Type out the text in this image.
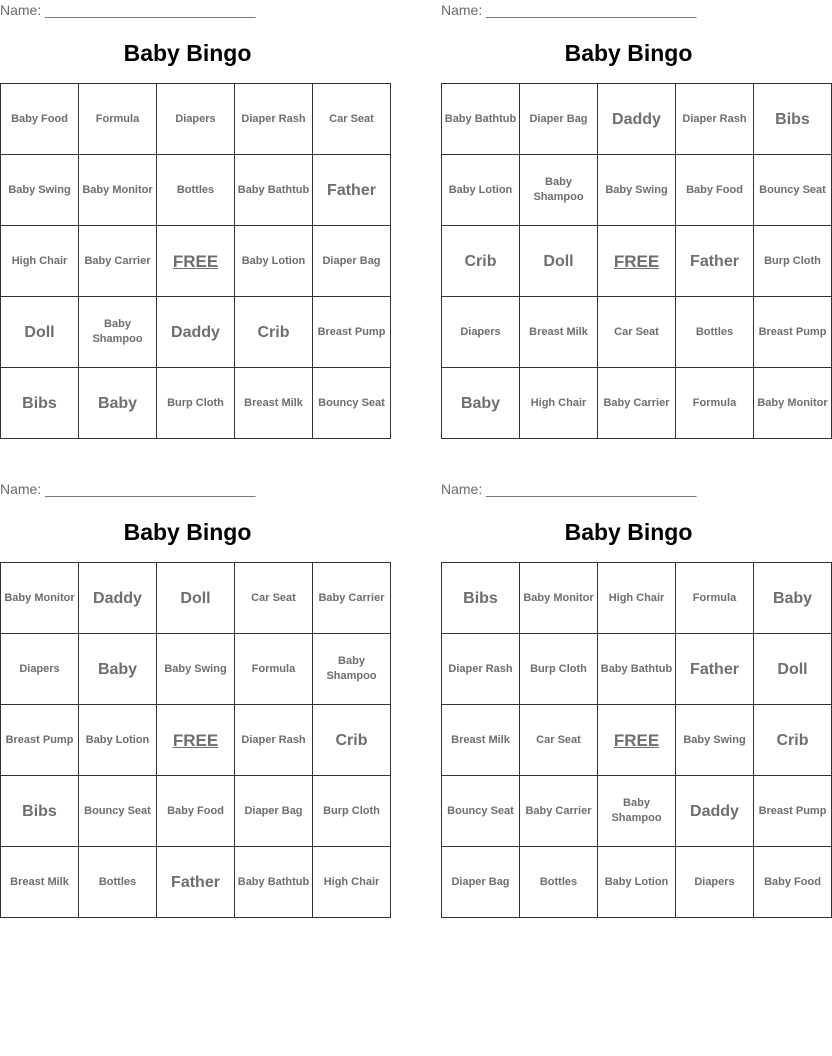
Name: ___________________________
Baby Bingo
Baby Food	Formula	Diapers	Diaper Rash	Car Seat
Baby Swing	Baby Monitor	Bottles	Baby Bathtub	Father
High Chair	Baby Carrier	FREE	Baby Lotion	Diaper Bag
Doll	Baby Shampoo	Daddy	Crib	Breast Pump
Bibs	Baby	Burp Cloth	Breast Milk	Bouncy Seat
Name: ___________________________
Baby Bingo
Baby Bathtub	Diaper Bag	Daddy	Diaper Rash	Bibs
Baby Lotion	Baby Shampoo	Baby Swing	Baby Food	Bouncy Seat
Crib	Doll	FREE	Father	Burp Cloth
Diapers	Breast Milk	Car Seat	Bottles	Breast Pump
Baby	High Chair	Baby Carrier	Formula	Baby Monitor
Name: ___________________________
Baby Bingo
Baby Monitor	Daddy	Doll	Car Seat	Baby Carrier
Diapers	Baby	Baby Swing	Formula	Baby Shampoo
Breast Pump	Baby Lotion	FREE	Diaper Rash	Crib
Bibs	Bouncy Seat	Baby Food	Diaper Bag	Burp Cloth
Breast Milk	Bottles	Father	Baby Bathtub	High Chair
Name: ___________________________
Baby Bingo
Bibs	Baby Monitor	High Chair	Formula	Baby
Diaper Rash	Burp Cloth	Baby Bathtub	Father	Doll
Breast Milk	Car Seat	FREE	Baby Swing	Crib
Bouncy Seat	Baby Carrier	Baby Shampoo	Daddy	Breast Pump
Diaper Bag	Bottles	Baby Lotion	Diapers	Baby Food
